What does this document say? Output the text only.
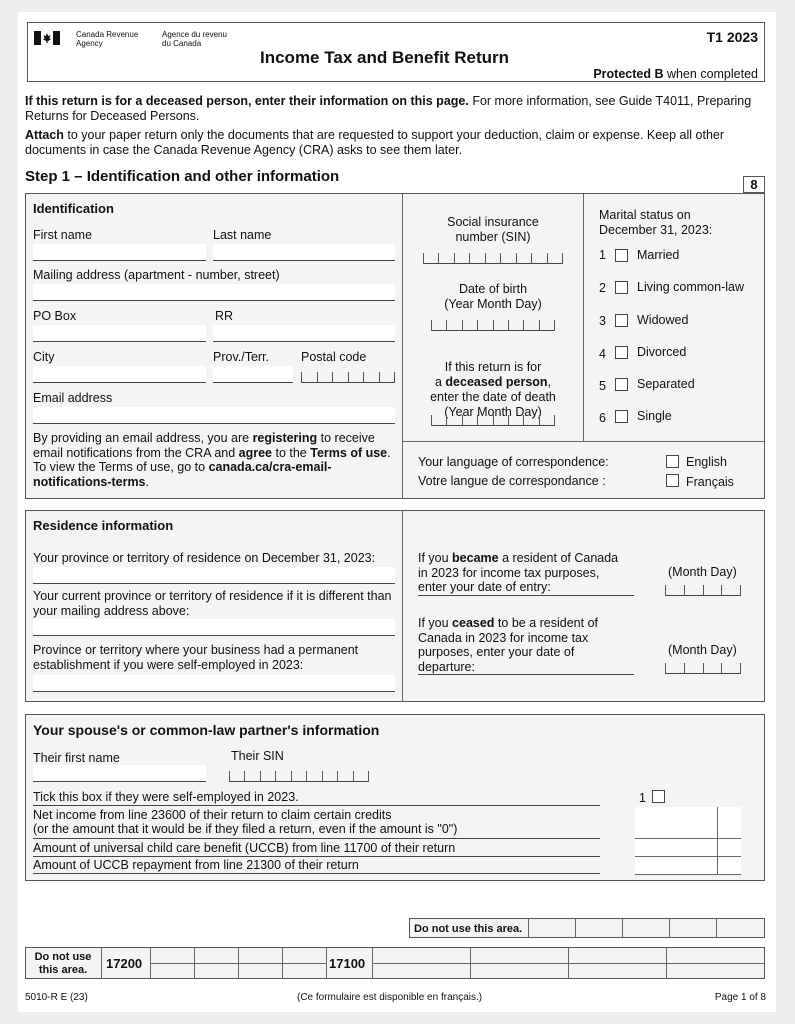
Canada Revenue
Agency
Agence du revenu
du Canada	T1 2023
Income Tax and Benefit Return
Protected B when completed
If this return is for a deceased person, enter their information on this page. For more information, see Guide T4011, Preparing Returns for Deceased Persons.
Attach to your paper return only the documents that are requested to support your deduction, claim or expense. Keep all other documents in case the Canada Revenue Agency (CRA) asks to see them later.
Step 1 – Identification and other information	8
Identification
First name	Last name
Mailing address (apartment - number, street)
PO Box	RR
City	Prov./Terr.	Postal code
Email address
By providing an email address, you are registering to receive email notifications from the CRA and agree to the Terms of use. To view the Terms of use, go to canada.ca/cra-email-notifications-terms.
Social insurance
number (SIN)
Date of birth
(Year Month Day)

If this return is for
a deceased person,
enter the date of death
(Year Month Day)

Marital status on
December 31, 2023:
1 Married
2 Living common-law
3 Widowed
4 Divorced
5 Separated
6 Single
Your language of correspondence:
Votre langue de correspondance :
English
Français
Residence information
Your province or territory of residence on December 31, 2023:
Your current province or territory of residence if it is different than your mailing address above:
Province or territory where your business had a permanent establishment if you were self-employed in 2023:
If you became a resident of Canada in 2023 for income tax purposes, enter your date of entry:
(Month Day)
If you ceased to be a resident of Canada in 2023 for income tax purposes, enter your date of departure:
(Month Day)
Your spouse's or common-law partner's information
Their first name	Their SIN
Tick this box if they were self-employed in 2023.	1
Net income from line 23600 of their return to claim certain credits
(or the amount that it would be if they filed a return, even if the amount is "0")
Amount of universal child care benefit (UCCB) from line 11700 of their return
Amount of UCCB repayment from line 21300 of their return
Do not use this area.
Do not use
this area.	17200	17100
5010-R E (23)	(Ce formulaire est disponible en français.)	Page 1 of 8
